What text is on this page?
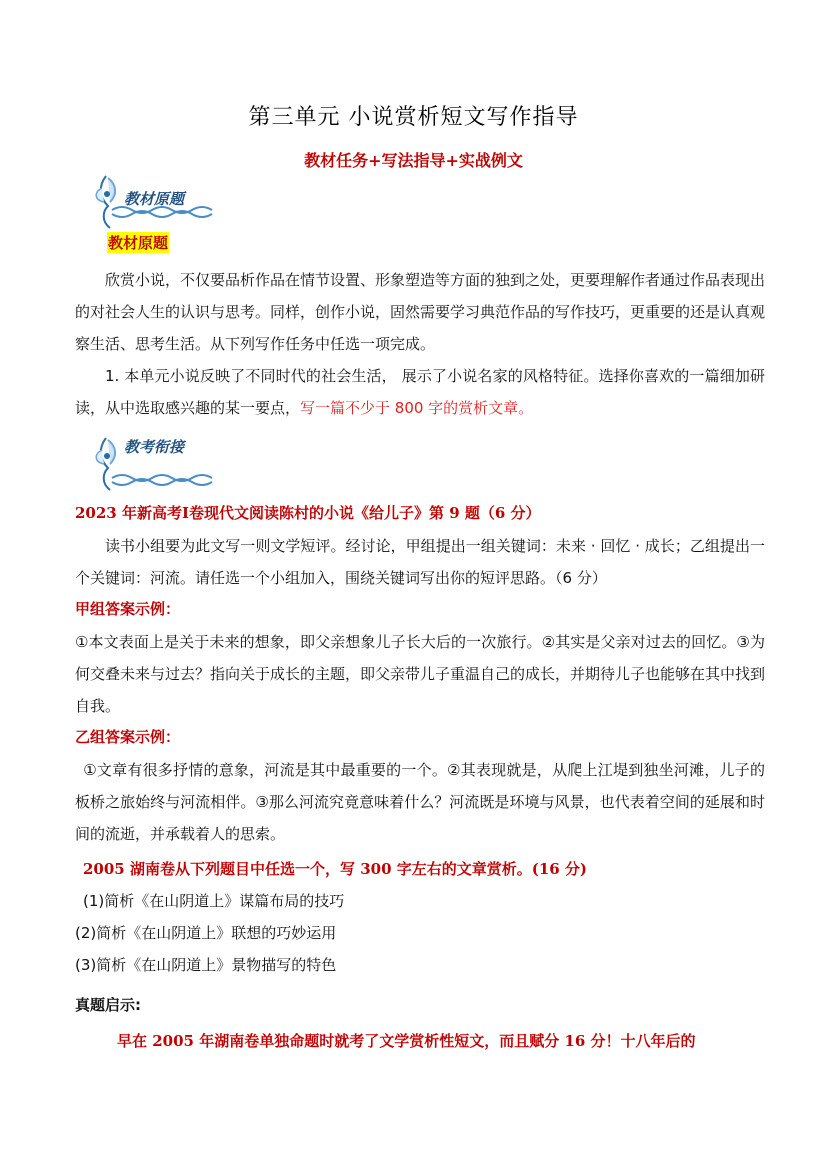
第三单元 小说赏析短文写作指导
教材任务+写法指导+实战例文
教材原题
教材原题
欣赏小说，不仅要品析作品在情节设置、形象塑造等方面的独到之处，更要理解作者通过作品表现出的对社会人生的认识与思考。同样，创作小说，固然需要学习典范作品的写作技巧，更重要的还是认真观察生活、思考生活。从下列写作任务中任选一项完成。
1. 本单元小说反映了不同时代的社会生活， 展示了小说名家的风格特征。选择你喜欢的一篇细加研读，从中选取感兴趣的某一要点，写一篇不少于 800 字的赏析文章。
教考衔接
2023 年新高考Ⅰ卷现代文阅读陈村的小说《给儿子》第 9 题（6 分）
读书小组要为此文写一则文学短评。经讨论，甲组提出一组关键词：未来 · 回忆 · 成长；乙组提出一个关键词：河流。请任选一个小组加入，围绕关键词写出你的短评思路。（6 分）
甲组答案示例：
①本文表面上是关于未来的想象，即父亲想象儿子长大后的一次旅行。②其实是父亲对过去的回忆。③为何交叠未来与过去？指向关于成长的主题，即父亲带儿子重温自己的成长，并期待儿子也能够在其中找到自我。
乙组答案示例：
①文章有很多抒情的意象，河流是其中最重要的一个。②其表现就是，从爬上江堤到独坐河滩，儿子的板桥之旅始终与河流相伴。③那么河流究竟意味着什么？河流既是环境与风景，也代表着空间的延展和时间的流逝，并承载着人的思索。
2005 湖南卷从下列题目中任选一个，写 300 字左右的文章赏析。(16 分)
(1)简析《在山阴道上》谋篇布局的技巧
(2)简析《在山阴道上》联想的巧妙运用
(3)简析《在山阴道上》景物描写的特色
真题启示:
早在 2005 年湖南卷单独命题时就考了文学赏析性短文，而且赋分 16 分！十八年后的
